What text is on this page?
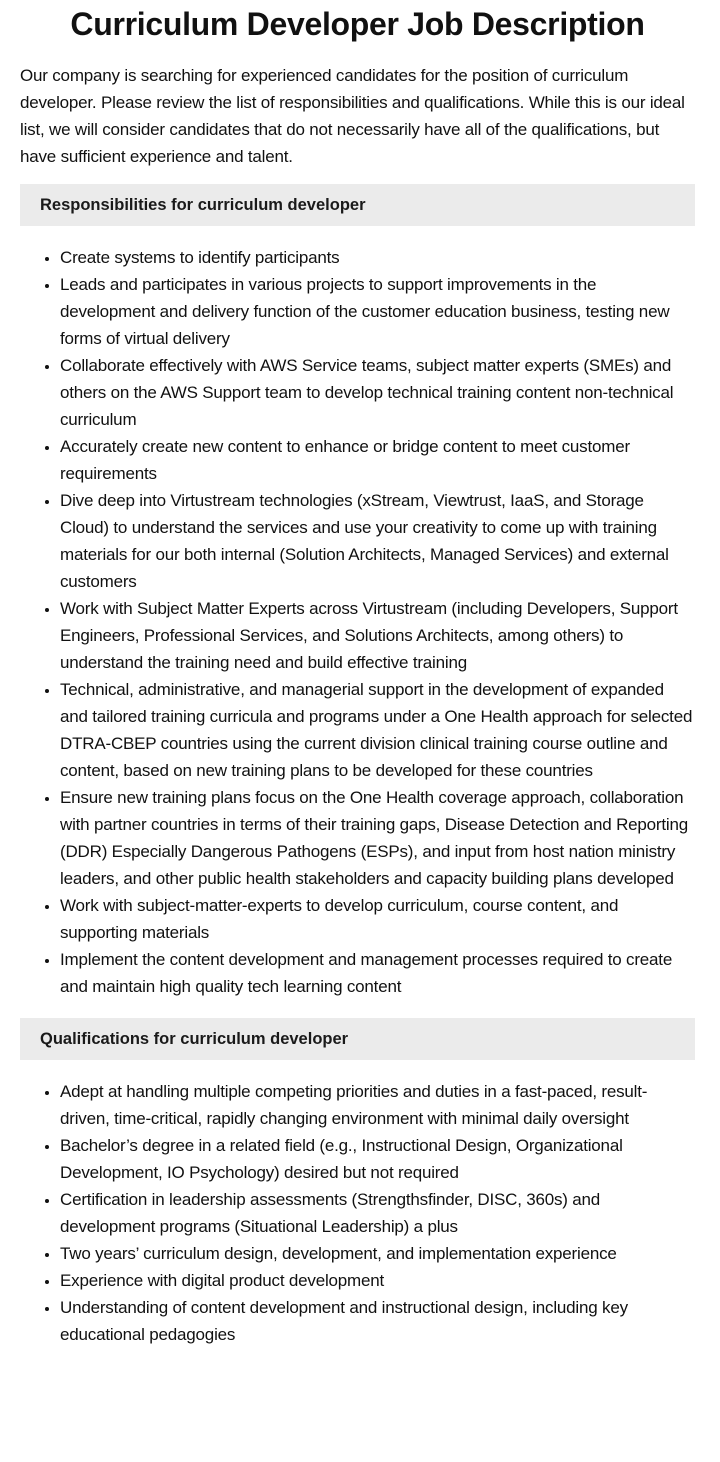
Curriculum Developer Job Description

Our company is searching for experienced candidates for the position of curriculum developer. Please review the list of responsibilities and qualifications. While this is our ideal list, we will consider candidates that do not necessarily have all of the qualifications, but have sufficient experience and talent.

Responsibilities for curriculum developer
• Create systems to identify participants
• Leads and participates in various projects to support improvements in the development and delivery function of the customer education business, testing new forms of virtual delivery
• Collaborate effectively with AWS Service teams, subject matter experts (SMEs) and others on the AWS Support team to develop technical training content non-technical curriculum
• Accurately create new content to enhance or bridge content to meet customer requirements
• Dive deep into Virtustream technologies (xStream, Viewtrust, IaaS, and Storage Cloud) to understand the services and use your creativity to come up with training materials for our both internal (Solution Architects, Managed Services) and external customers
• Work with Subject Matter Experts across Virtustream (including Developers, Support Engineers, Professional Services, and Solutions Architects, among others) to understand the training need and build effective training
• Technical, administrative, and managerial support in the development of expanded and tailored training curricula and programs under a One Health approach for selected DTRA-CBEP countries using the current division clinical training course outline and content, based on new training plans to be developed for these countries
• Ensure new training plans focus on the One Health coverage approach, collaboration with partner countries in terms of their training gaps, Disease Detection and Reporting (DDR) Especially Dangerous Pathogens (ESPs), and input from host nation ministry leaders, and other public health stakeholders and capacity building plans developed
• Work with subject-matter-experts to develop curriculum, course content, and supporting materials
• Implement the content development and management processes required to create and maintain high quality tech learning content
Qualifications for curriculum developer
• Adept at handling multiple competing priorities and duties in a fast-paced, result-driven, time-critical, rapidly changing environment with minimal daily oversight
• Bachelor’s degree in a related field (e.g., Instructional Design, Organizational Development, IO Psychology) desired but not required
• Certification in leadership assessments (Strengthsfinder, DISC, 360s) and development programs (Situational Leadership) a plus
• Two years’ curriculum design, development, and implementation experience
• Experience with digital product development
• Understanding of content development and instructional design, including key educational pedagogies
